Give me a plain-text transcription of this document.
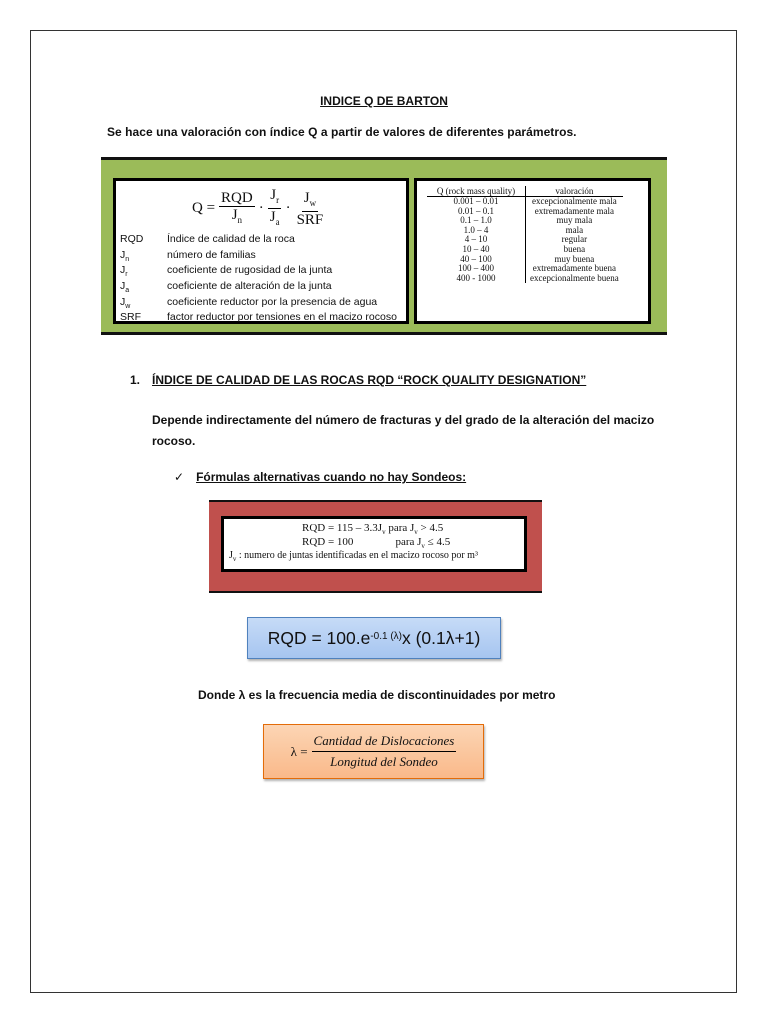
INDICE Q DE BARTON
Se hace una valoración con índice Q a partir de valores de diferentes parámetros.
$Q = \frac{\text{RQD}}{J_n} \cdot \frac{J_r}{J_a} \cdot \frac{J_w}{\text{SRF}}$
RQD	Índice de calidad de la roca
$J_n$	número de familias
$J_r$	coeficiente de rugosidad de la junta
$J_a$	coeficiente de alteración de la junta
$J_w$	coeficiente reductor por la presencia de agua
SRF	factor reductor por tensiones en el macizo rocoso
Q (rock mass quality)	valoración
0.001 – 0.01	excepcionalmente mala
0.01 – 0.1	extremadamente mala
0.1 – 1.0	muy mala
1.0 – 4	mala
4 – 10	regular
10 – 40	buena
40 – 100	muy buena
100 – 400	extremadamente buena
400 - 1000	excepcionalmente buena
1. ÍNDICE DE CALIDAD DE LAS ROCAS RQD “ROCK QUALITY DESIGNATION”
Depende indirectamente del número de fracturas y del grado de la alteración del macizo rocoso.
✓ Fórmulas alternativas cuando no hay Sondeos:
RQD = $115 - 3.3J_v$ para $J_v > 4.5$
RQD = 100	para $J_v \le 4.5$
$J_v$ : numero de juntas identificadas en el macizo rocoso por m³
RQD = $100.e^{-0.1 (\lambda)}$ x (0.1λ+1)
Donde λ es la frecuencia media de discontinuidades por metro
λ =
Cantidad de Dislocaciones
Longitud del Sondeo
